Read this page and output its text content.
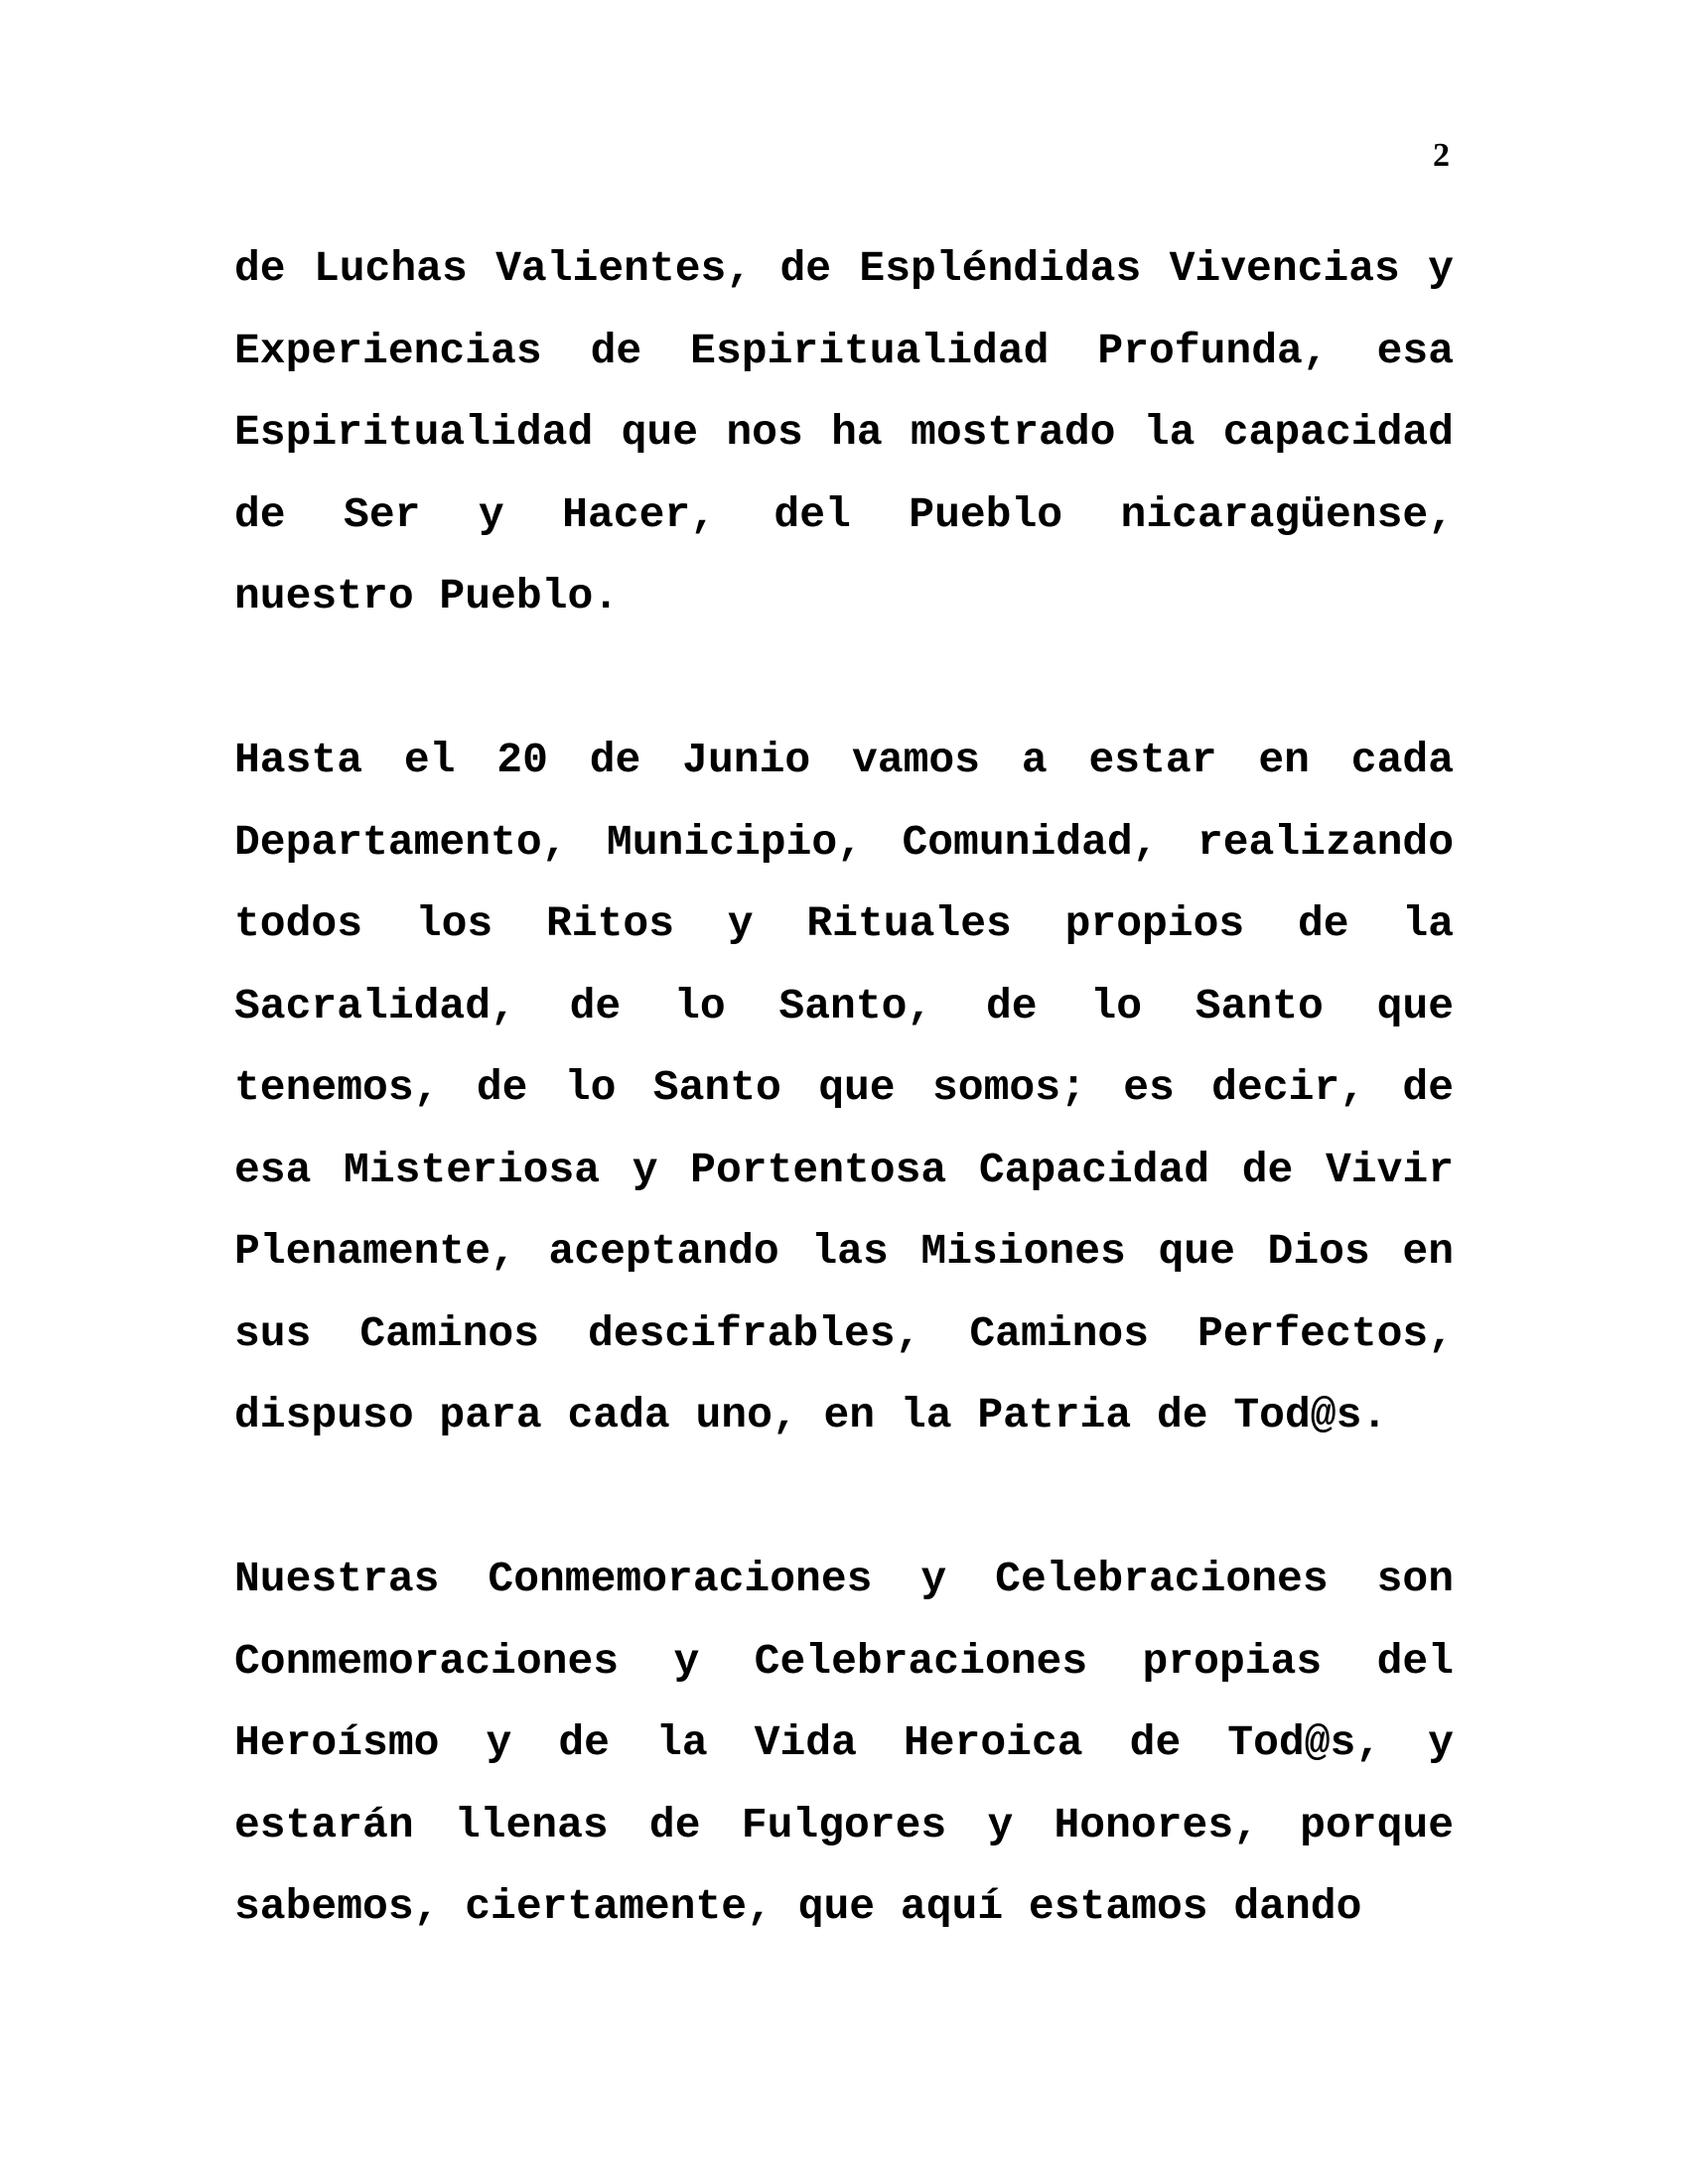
2

de Luchas Valientes, de Espléndidas Vivencias y Experiencias de Espiritualidad Profunda, esa Espiritualidad que nos ha mostrado la capacidad de Ser y Hacer, del Pueblo nicaragüense, nuestro Pueblo.

Hasta el 20 de Junio vamos a estar en cada Departamento, Municipio, Comunidad, realizando todos los Ritos y Rituales propios de la Sacralidad, de lo Santo, de lo Santo que tenemos, de lo Santo que somos; es decir, de esa Misteriosa y Portentosa Capacidad de Vivir Plenamente, aceptando las Misiones que Dios en sus Caminos descifrables, Caminos Perfectos, dispuso para cada uno, en la Patria de Tod@s.

Nuestras Conmemoraciones y Celebraciones son Conmemoraciones y Celebraciones propias del Heroísmo y de la Vida Heroica de Tod@s, y estarán llenas de Fulgores y Honores, porque sabemos, ciertamente, que aquí estamos dando
